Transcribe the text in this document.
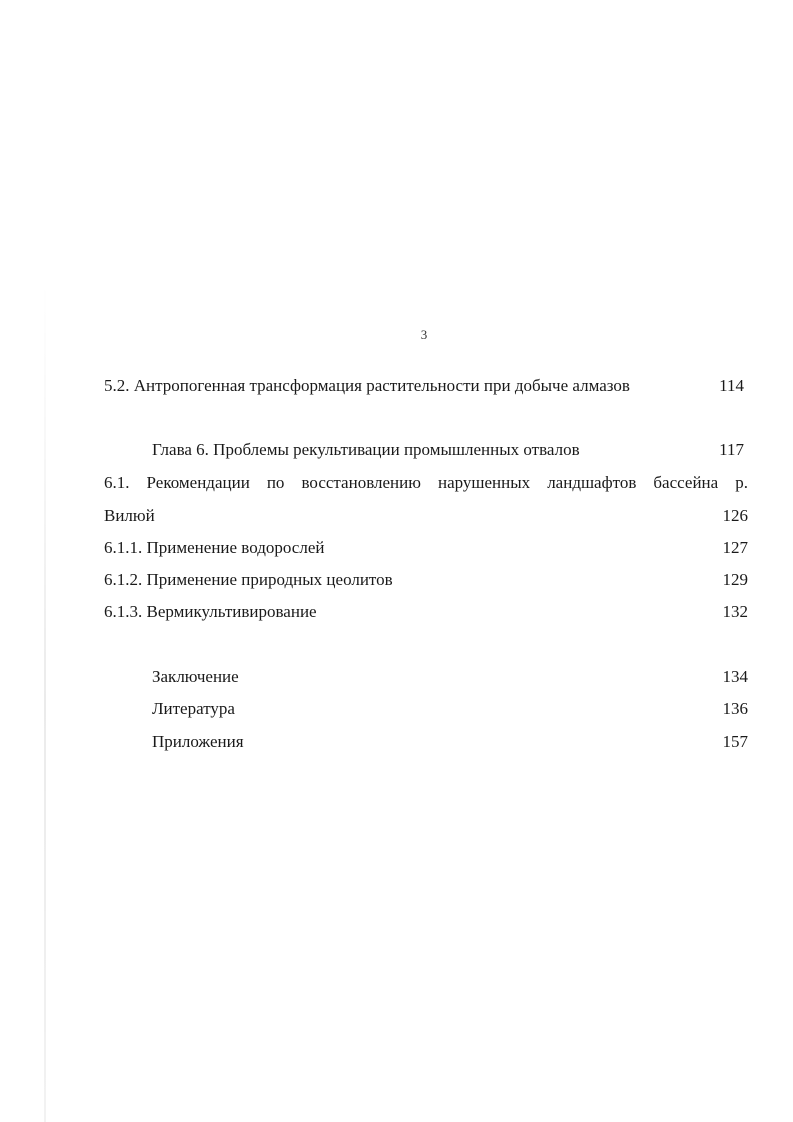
3
5.2. Антропогенная трансформация растительности при добыче алмазов	114
Глава 6. Проблемы рекультивации промышленных отвалов	117
6.1. Рекомендации по восстановлению нарушенных ландшафтов бассейна р.
Вилюй	126
6.1.1. Применение водорослей	127
6.1.2. Применение природных цеолитов	129
6.1.3. Вермикультивирование	132
Заключение	134
Литература	136
Приложения	157
